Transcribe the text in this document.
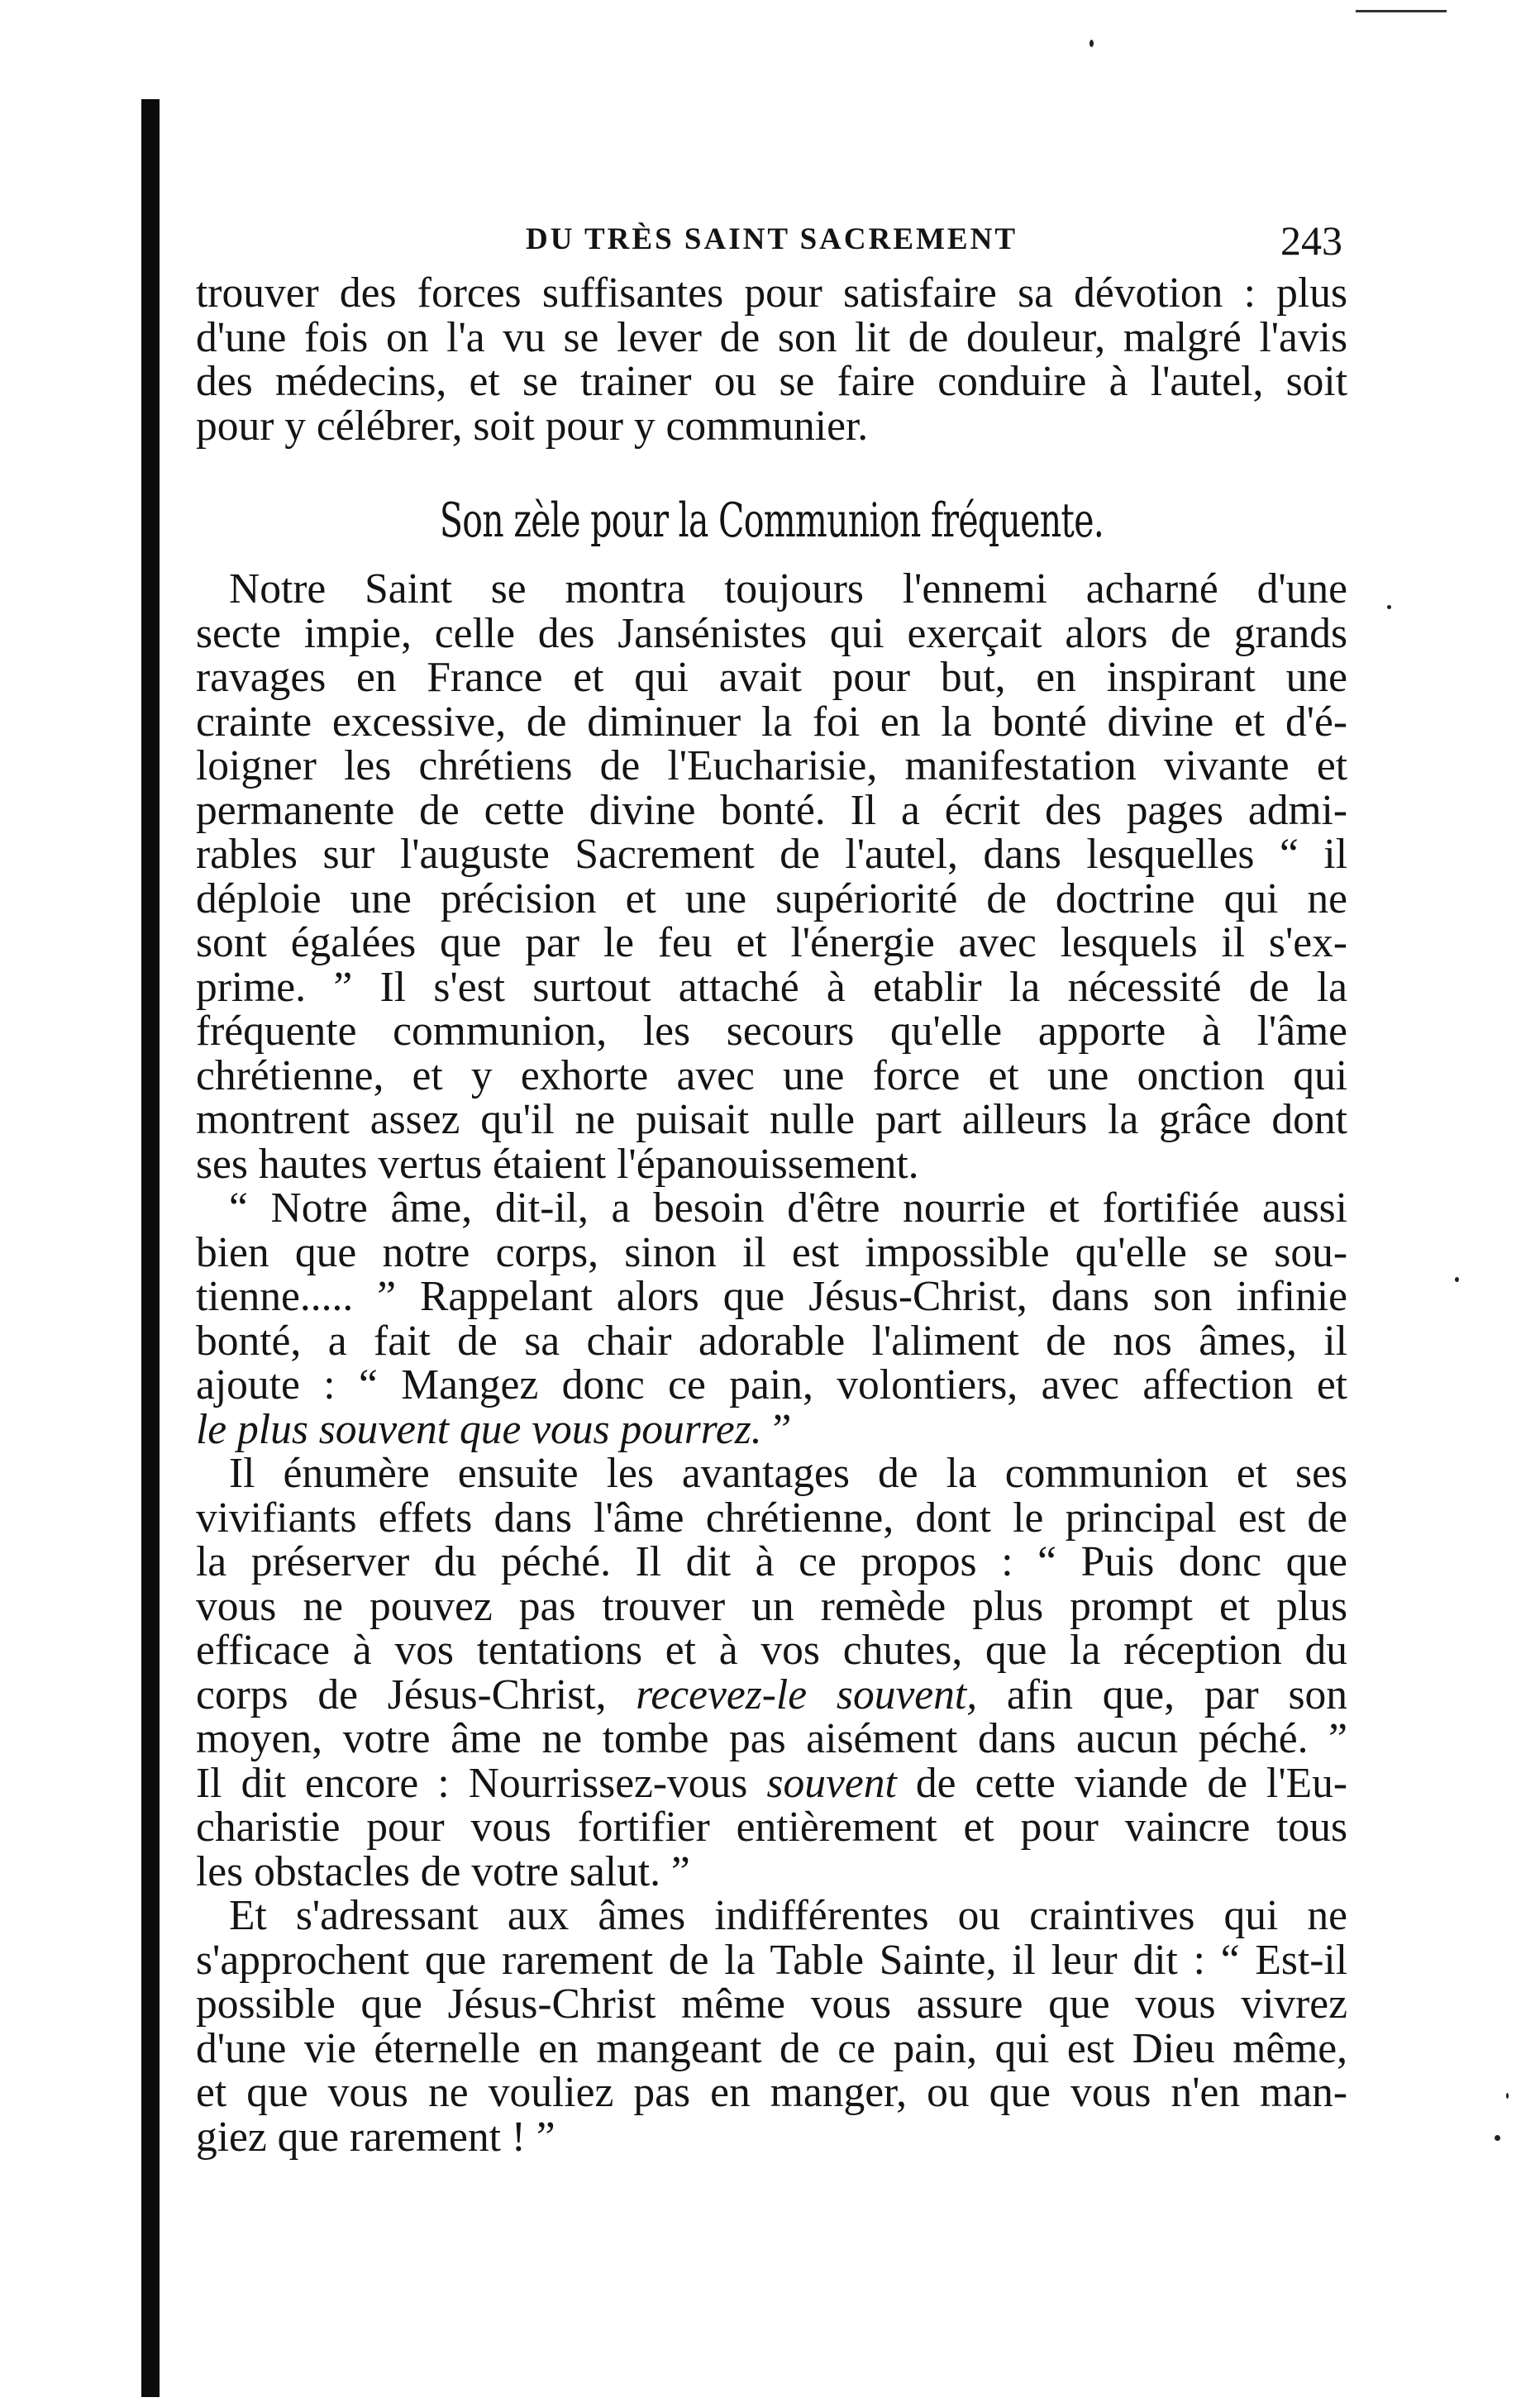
DU TRÈS SAINT SACREMENT	243
trouver des forces suffisantes pour satisfaire sa dévotion : plus
d'une fois on l'a vu se lever de son lit de douleur, malgré l'avis
des médecins, et se trainer ou se faire conduire à l'autel, soit
pour y célébrer, soit pour y communier.
Son zèle pour la Communion fréquente.
Notre Saint se montra toujours l'ennemi acharné d'une
secte impie, celle des Jansénistes qui exerçait alors de grands
ravages en France et qui avait pour but, en inspirant une
crainte excessive, de diminuer la foi en la bonté divine et d'é-
loigner les chrétiens de l'Eucharisie, manifestation vivante et
permanente de cette divine bonté. Il a écrit des pages admi-
rables sur l'auguste Sacrement de l'autel, dans lesquelles “ il
déploie une précision et une supériorité de doctrine qui ne
sont égalées que par le feu et l'énergie avec lesquels il s'ex-
prime. ” Il s'est surtout attaché à etablir la nécessité de la
fréquente communion, les secours qu'elle apporte à l'âme
chrétienne, et y exhorte avec une force et une onction qui
montrent assez qu'il ne puisait nulle part ailleurs la grâce dont
ses hautes vertus étaient l'épanouissement.
“ Notre âme, dit-il, a besoin d'être nourrie et fortifiée aussi
bien que notre corps, sinon il est impossible qu'elle se sou-
tienne..... ” Rappelant alors que Jésus-Christ, dans son infinie
bonté, a fait de sa chair adorable l'aliment de nos âmes, il
ajoute : “ Mangez donc ce pain, volontiers, avec affection et
le plus souvent que vous pourrez. ”
Il énumère ensuite les avantages de la communion et ses
vivifiants effets dans l'âme chrétienne, dont le principal est de
la préserver du péché. Il dit à ce propos : “ Puis donc que
vous ne pouvez pas trouver un remède plus prompt et plus
efficace à vos tentations et à vos chutes, que la réception du
corps de Jésus-Christ, recevez-le souvent, afin que, par son
moyen, votre âme ne tombe pas aisément dans aucun péché. ”
Il dit encore : Nourrissez-vous souvent de cette viande de l'Eu-
charistie pour vous fortifier entièrement et pour vaincre tous
les obstacles de votre salut. ”
Et s'adressant aux âmes indifférentes ou craintives qui ne
s'approchent que rarement de la Table Sainte, il leur dit : “ Est-il
possible que Jésus-Christ même vous assure que vous vivrez
d'une vie éternelle en mangeant de ce pain, qui est Dieu même,
et que vous ne vouliez pas en manger, ou que vous n'en man-
giez que rarement ! ”
